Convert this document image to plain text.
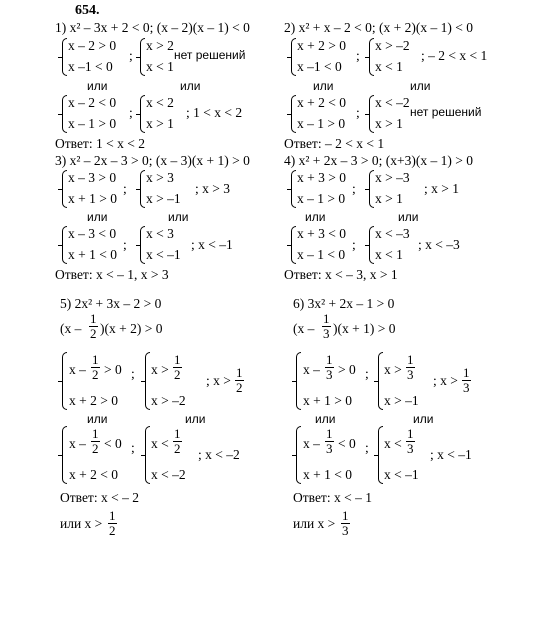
654.
1) x² – 3x + 2 < 0; (x – 2)(x – 1) < 0
x – 2 > 0
x –1 < 0
;
x > 2
x < 1
нет решений
или	или
x – 2 < 0
x – 1 > 0
;
x < 2
x > 1
; 1 < x < 2
Ответ: 1 < x < 2
2) x² + x – 2 < 0; (x + 2)(x – 1) < 0
x + 2 > 0
x –1 < 0
;
x > –2
x < 1
; – 2 < x < 1
или	или
x + 2 < 0
x – 1 > 0
;
x < –2
x > 1
нет решений
Ответ: – 2 < x < 1
3) x² – 2x – 3 > 0; (x – 3)(x + 1) > 0
x – 3 > 0
x + 1 > 0
;
x > 3
x > –1
; x > 3
или	или
x – 3 < 0
x + 1 < 0
;
x < 3
x < –1
; x < –1
Ответ: x < – 1, x > 3
4) x² + 2x – 3 > 0; (x+3)(x – 1) > 0
x + 3 > 0
x – 1 > 0
;
x > –3
x > 1
; x > 1
или	или
x + 3 < 0
x – 1 < 0
;
x < –3
x < 1
; x < –3
Ответ: x < – 3, x > 1
5) 2x² + 3x – 2 > 0
$(x - \frac{1}{2} )(x + 2) > 0$
$x - \frac{1}{2} > 0$
x + 2 > 0
; $x > \frac{1}{2}$
x > –2
; $x > \frac{1}{2}$
или	или
$x - \frac{1}{2} < 0$
x + 2 < 0
; $x < \frac{1}{2}$
x < –2
; x < –2
Ответ: x < – 2
или $x > \frac{1}{2}$
6) 3x² + 2x – 1 > 0
$(x - \frac{1}{3} )(x + 1) > 0$
$x - \frac{1}{3} > 0$
x + 1 > 0
; $x > \frac{1}{3}$
x > –1
; $x > \frac{1}{3}$
или	или
$x - \frac{1}{3} < 0$
x + 1 < 0
; $x < \frac{1}{3}$
x < –1
; x < –1
Ответ: x < – 1
или $x > \frac{1}{3}$
